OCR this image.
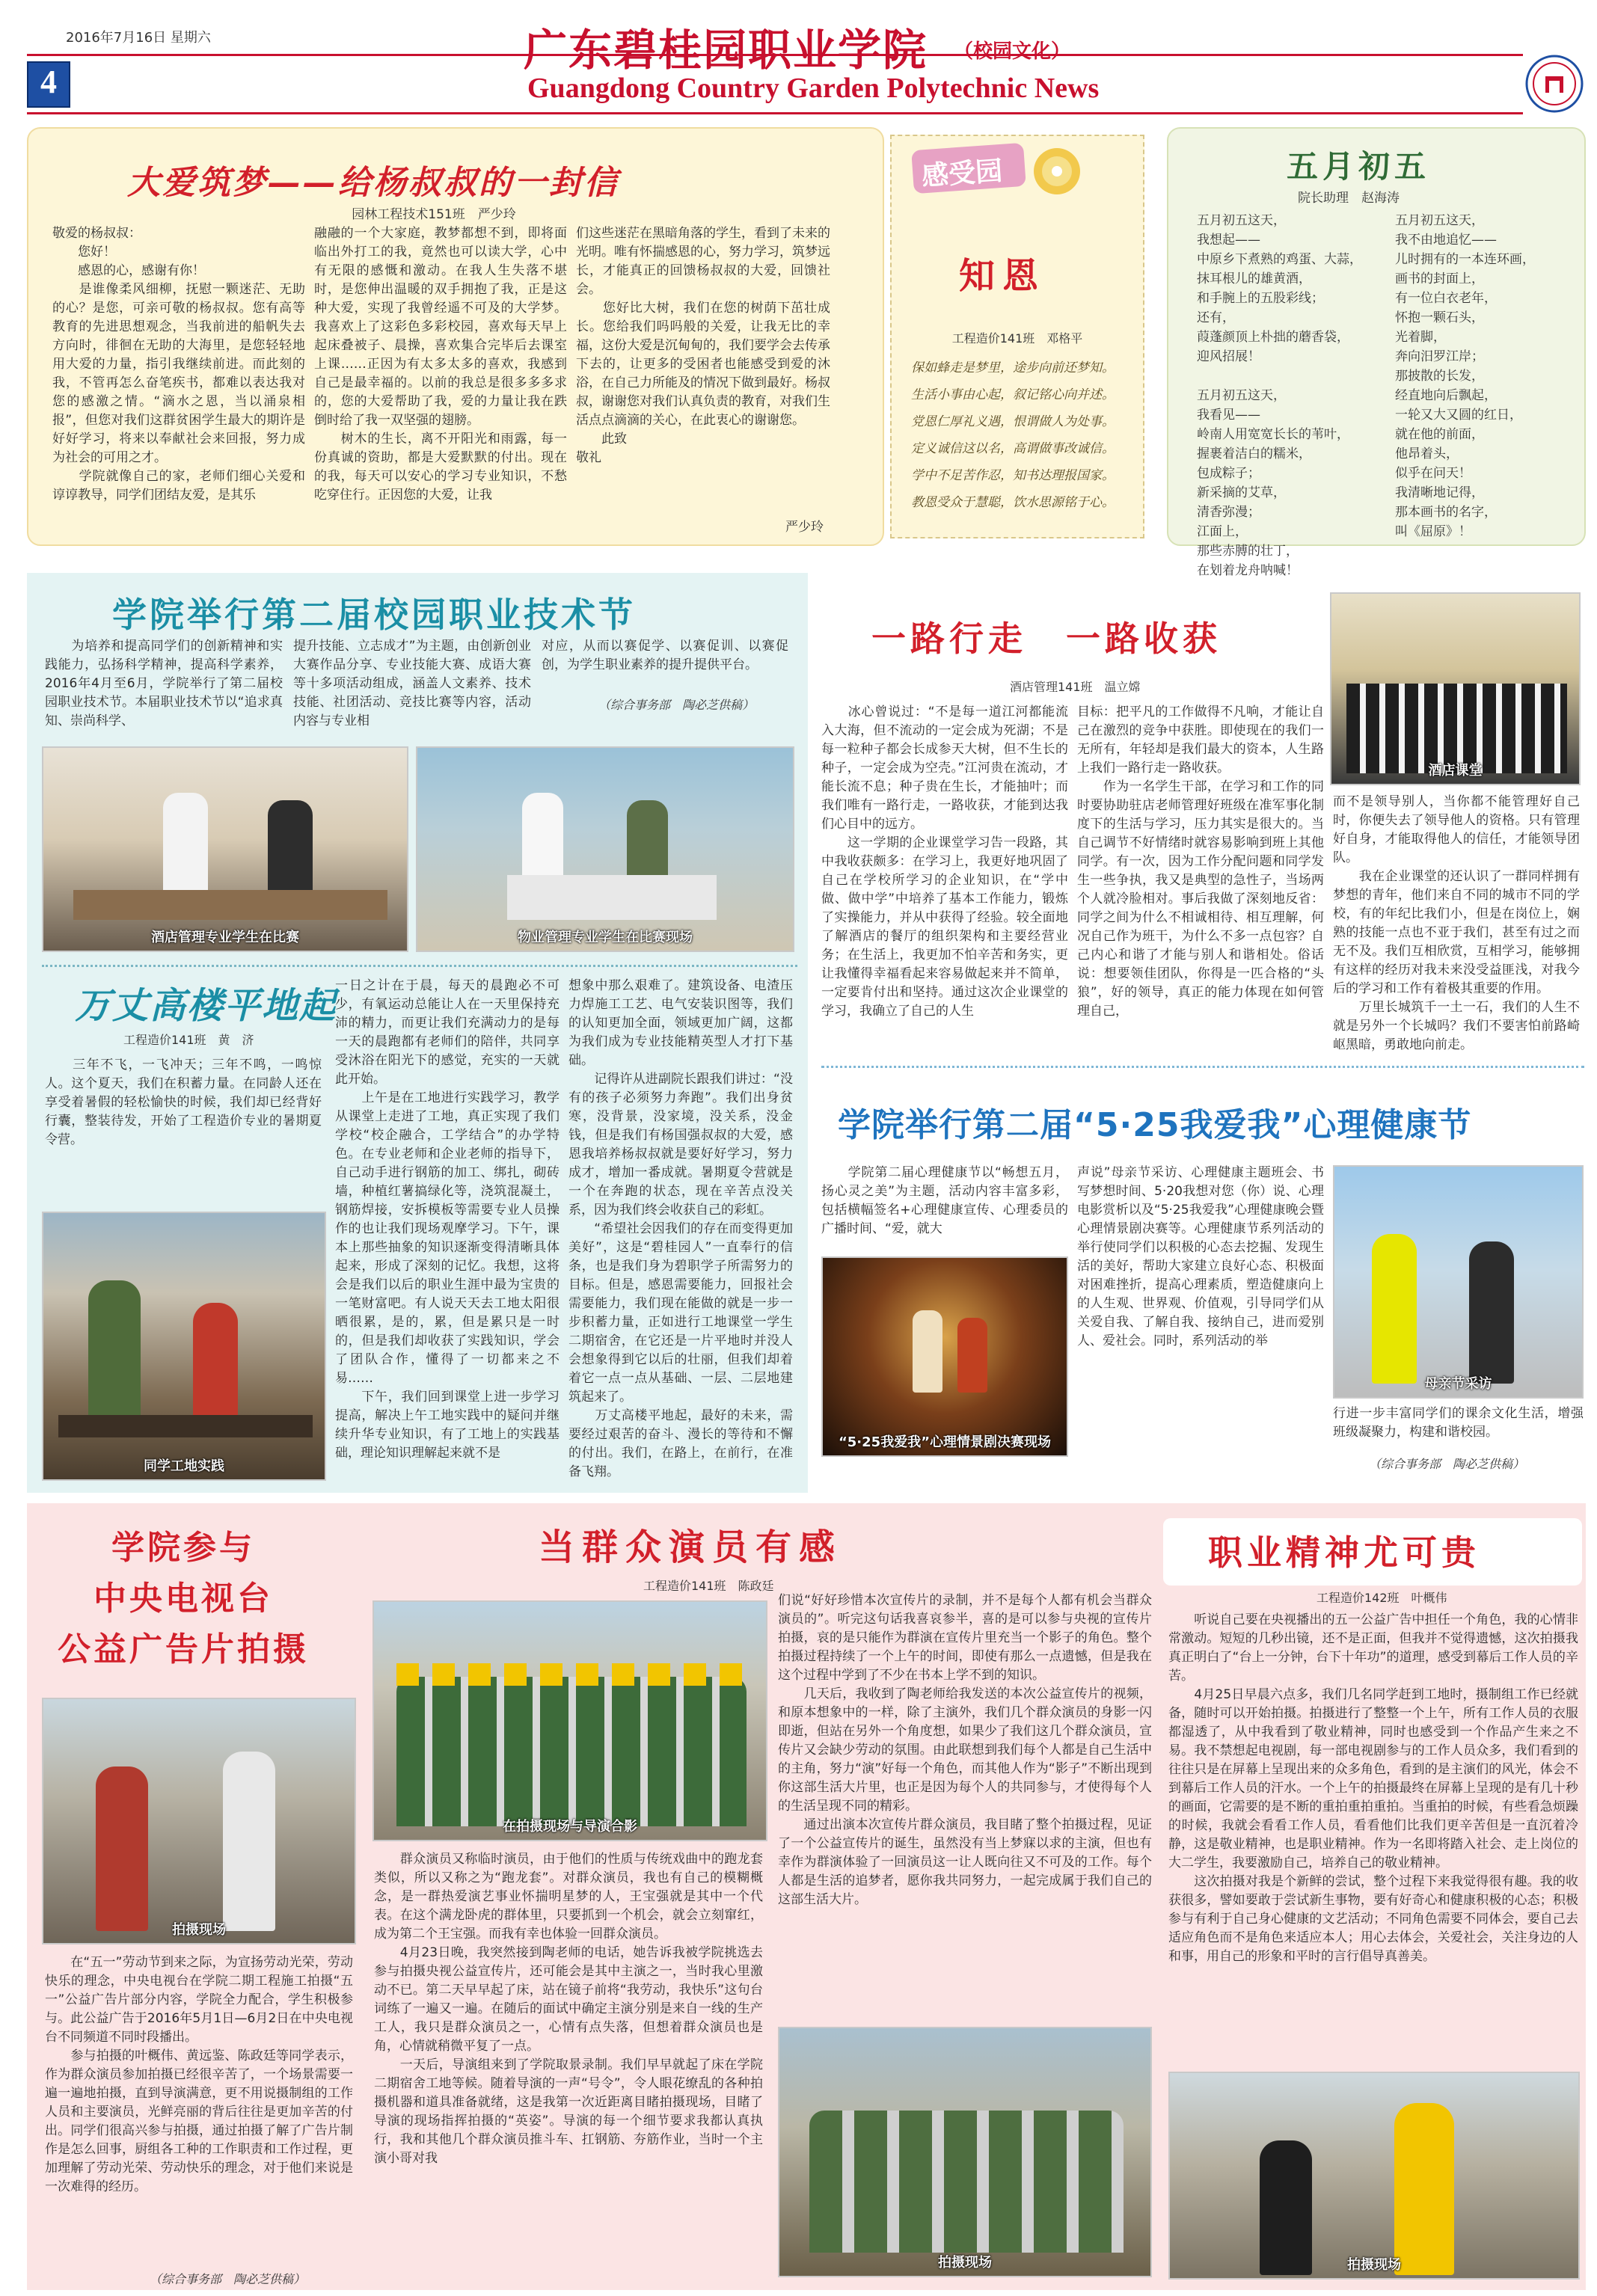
2016年7月16日 星期六
4
广东碧桂园职业学院 （校园文化）
Guangdong Country Garden Polytechnic News
大爱筑梦——给杨叔叔的一封信
园林工程技术151班　严少玲
敬爱的杨叔叔：
　　您好！
　　感恩的心，感谢有你！
　　是谁像柔风细柳，抚慰一颗迷茫、无助的心？是您，可亲可敬的杨叔叔。您有高等教育的先进思想观念，当我前进的船帆失去方向时，徘徊在无助的大海里，是您轻轻地用大爱的力量，指引我继续前进。而此刻的我，不管再怎么奋笔疾书，都难以表达我对您的感激之情。“滴水之恩，当以涌泉相报”，但您对我们这群贫困学生最大的期许是好好学习，将来以奉献社会来回报，努力成为社会的可用之才。
　　学院就像自己的家，老师们细心关爱和谆谆教导，同学们团结友爱，是其乐
融融的一个大家庭，教梦都想不到，即将面临出外打工的我，竟然也可以读大学，心中有无限的感慨和激动。在我人生失落不堪时，是您伸出温暖的双手拥抱了我，正是这种大爱，实现了我曾经遥不可及的大学梦。我喜欢上了这彩色多彩校园，喜欢每天早上起床叠被子、晨操，喜欢集合完毕后去课室上课……正因为有太多太多的喜欢，我感到自己是最幸福的。以前的我总是很多多多求的，您的大爱帮助了我，爱的力量让我在跌倒时给了我一双坚强的翅膀。
　　树木的生长，离不开阳光和雨露，每一份真诚的资助，都是大爱默默的付出。现在的我，每天可以安心的学习专业知识，不愁吃穿住行。正因您的大爱，让我
们这些迷茫在黑暗角落的学生，看到了未来的光明。唯有怀揣感恩的心，努力学习，筑梦远长，才能真正的回馈杨叔叔的大爱，回馈社会。
　　您好比大树，我们在您的树荫下茁壮成长。您给我们吗吗般的关爱，让我无比的幸福，这份大爱是沉甸甸的，我们要学会去传承下去的，让更多的受困者也能感受到爱的沐浴，在自己力所能及的情况下做到最好。杨叔叔，谢谢您对我们认真负责的教育，对我们生活点点滴滴的关心，在此衷心的谢谢您。
　　此致
敬礼
严少玲
感受园
知恩
工程造价141班　邓格平
保如蜂走是梦里，途步向前还梦知。
生活小事由心起，叙记铭心向并述。
党恩仁厚礼义遇，恨谓做人为处事。
定义诚信这以名，高谓做事改诚信。
学中不足苦作忍，知书达理报国家。
教恩受众于慧聪，饮水思源铭于心。
五月初五
院长助理　赵海涛
五月初五这天，
我想起——
中原乡下煮熟的鸡蛋、大蒜，
抹耳根儿的雄黄酒，
和手腕上的五股彩线；
还有，
葭蓬颜顶上朴拙的蘑香袋，
迎风招展！

五月初五这天，
我看见——
岭南人用宽宽长长的苇叶，
握裹着洁白的糯米，
包成粽子；
新采摘的艾草，
清香弥漫；
江面上，
那些赤膊的壮丁，
在划着龙舟呐喊！
五月初五这天，
我不由地追忆——
儿时拥有的一本连环画，
画书的封面上，
有一位白衣老年，
怀抱一颗石头，
光着脚，
奔向汨罗江岸；
那披散的长发，
经直地向后飘起，
一轮又大又圆的红日，
就在他的前面，
他昂着头，
似乎在问天！
我清晰地记得，
那本画书的名字，
叫《屈原》！
学院举行第二届校园职业技术节
　　为培养和提高同学们的创新精神和实践能力，弘扬科学精神，提高科学素养，2016年4月至6月，学院举行了第二届校园职业技术节。本届职业技术节以“追求真知、崇尚科学、
提升技能、立志成才”为主题，由创新创业大赛作品分享、专业技能大赛、成语大赛等十多项活动组成，涵盖人文素养、技术技能、社团活动、竞技比赛等内容，活动内容与专业相
对应，从而以赛促学、以赛促训、以赛促创，为学生职业素养的提升提供平台。
（综合事务部　陶必芝供稿）
酒店管理专业学生在比赛	物业管理专业学生在比赛现场
万丈高楼平地起
工程造价141班　黄　济
　　三年不飞，一飞冲天；三年不鸣，一鸣惊人。这个夏天，我们在积蓄力量。在同龄人还在享受着暑假的轻松愉快的时候，我们却已经背好行囊，整装待发，开始了工程造价专业的暑期夏令营。
同学工地实践
一日之计在于晨，每天的晨跑必不可少，有氧运动总能让人在一天里保持充沛的精力，而更让我们充满动力的是每一天的晨跑都有老师们的陪伴，共同享受沐浴在阳光下的感觉，充实的一天就此开始。
　　上午是在工地进行实践学习，教学从课堂上走进了工地，真正实现了我们学校“校企融合，工学结合”的办学特色。在专业老师和企业老师的指导下，自己动手进行钢筋的加工、绑扎，砌砖墙，种植红薯搞绿化等，浇筑混凝土，钢筋焊接，安拆模板等需要专业人员操作的也让我们现场观摩学习。下午，课本上那些抽象的知识逐渐变得清晰具体起来，形成了深刻的记忆。我想，这将会是我们以后的职业生涯中最为宝贵的一笔财富吧。有人说天天去工地太阳很晒很累，是的，累，但是累只是一时的，但是我们却收获了实践知识，学会了团队合作，懂得了一切都来之不易……
　　下午，我们回到课堂上进一步学习提高，解决上午工地实践中的疑问并继续升华专业知识，有了工地上的实践基础，理论知识理解起来就不是
想象中那么艰难了。建筑设备、电渣压力焊施工工艺、电气安装识图等，我们的认知更加全面，领域更加广阔，这都为我们成为专业技能精英型人才打下基础。
　　记得许从进副院长跟我们讲过：“没有的孩子必须努力奔跑”。我们出身贫寒，没背景，没家境，没关系，没金钱，但是我们有杨国强叔叔的大爱，感恩我培养杨叔叔就是要好好学习，努力成才，增加一番成就。暑期夏令营就是一个在奔跑的状态，现在辛苦点没关系，因为我们终会收获自己的彩虹。
　　“希望社会因我们的存在而变得更加美好”，这是“碧桂园人”一直奉行的信条，也是我们身为碧职学子所需努力的目标。但是，感恩需要能力，回报社会需要能力，我们现在能做的就是一步一步积蓄力量，正如进行工地课堂一学生二期宿舍，在它还是一片平地时并没人会想象得到它以后的壮丽，但我们却着着它一点一点从基础、一层、二层地建筑起来了。
　　万丈高楼平地起，最好的未来，需要经过艰苦的奋斗、漫长的等待和不懈的付出。我们，在路上，在前行，在准备飞翔。
一路行走　一路收获
酒店管理141班　温立嫦
　　冰心曾说过：“不是每一道江河都能流入大海，但不流动的一定会成为死湖；不是每一粒种子都会长成参天大树，但不生长的种子，一定会成为空壳。”江河贵在流动，才能长流不息；种子贵在生长，才能抽叶；而我们唯有一路行走，一路收获，才能到达我们心目中的远方。
　　这一学期的企业课堂学习告一段路，其中我收获颇多：在学习上，我更好地巩固了自己在学校所学习的企业知识，在“学中做、做中学”中培养了基本工作能力，锻炼了实操能力，并从中获得了经验。较全面地了解酒店的餐厅的组织架构和主要经营业务；在生活上，我更加不怕辛苦和务实，更让我懂得幸福看起来容易做起来并不简单，一定要肯付出和坚持。通过这次企业课堂的学习，我确立了自己的人生
目标：把平凡的工作做得不凡响，才能让自己在激烈的竞争中获胜。即使现在的我们一无所有，年轻却是我们最大的资本，人生路上我们一路行走一路收获。
　　作为一名学生干部，在学习和工作的同时要协助驻店老师管理好班级在准军事化制度下的生活与学习，压力其实是很大的。当自己调节不好情绪时就容易影响到班上其他同学。有一次，因为工作分配问题和同学发生一些争执，我又是典型的急性子，当场两个人就冷脸相对。事后我做了深刻地反省：同学之间为什么不相诚相待、相互理解，何况自己作为班干，为什么不多一点包容？自己内心和谐了才能与别人和谐相处。俗话说：想要领佳团队，你得是一匹合格的“头狼”，好的领导，真正的能力体现在如何管理自己，
酒店课堂
而不是领导别人，当你都不能管理好自己时，你便失去了领导他人的资格。只有管理好自身，才能取得他人的信任，才能领导团队。
　　我在企业课堂的还认识了一群同样拥有梦想的青年，他们来自不同的城市不同的学校，有的年纪比我们小，但是在岗位上，娴熟的技能一点也不亚于我们，甚至有过之而无不及。我们互相欣赏，互相学习，能够拥有这样的经历对我未来没受益匪浅，对我今后的学习和工作有着极其重要的作用。
　　万里长城筑千一土一石，我们的人生不就是另外一个长城吗？我们不要害怕前路崎岖黑暗，勇敢地向前走。
学院举行第二届“5·25我爱我”心理健康节
　　学院第二届心理健康节以“畅想五月，扬心灵之美”为主题，活动内容丰富多彩，包括横幅签名+心理健康宣传、心理委员的广播时间、“爱，就大
“5·25我爱我”心理情景剧决赛现场
声说”母亲节采访、心理健康主题班会、书写梦想时间、5·20我想对您（你）说、心理电影赏析以及“5·25我爱我”心理健康晚会暨心理情景剧决赛等。心理健康节系列活动的举行使同学们以积极的心态去挖掘、发现生活的美好，帮助大家建立良好心态、积极面对困难挫折，提高心理素质，塑造健康向上的人生观、世界观、价值观，引导同学们从关爱自我、了解自我、接纳自己，进而爱别人、爱社会。同时，系列活动的举
母亲节采访
行进一步丰富同学们的课余文化生活，增强班级凝聚力，构建和谐校园。
（综合事务部　陶必芝供稿）
学院参与
中央电视台
公益广告片拍摄
拍摄现场
　　在“五一”劳动节到来之际，为宣扬劳动光荣，劳动快乐的理念，中央电视台在学院二期工程施工拍摄“五一”公益广告片部分内容，学院全力配合，学生积极参与。此公益广告于2016年5月1日—6月2日在中央电视台不同频道不同时段播出。
　　参与拍摄的叶概伟、黄远鉴、陈政廷等同学表示，作为群众演员参加拍摄已经很辛苦了，一个场景需要一遍一遍地拍摄，直到导演满意，更不用说摄制组的工作人员和主要演员，光鲜亮丽的背后往往是更加辛苦的付出。同学们很高兴参与拍摄，通过拍摄了解了广告片制作是怎么回事，厨组各工种的工作职责和工作过程，更加理解了劳动光荣、劳动快乐的理念，对于他们来说是一次难得的经历。
（综合事务部　陶必芝供稿）
当群众演员有感
工程造价141班　陈政廷
在拍摄现场与导演合影
　　群众演员又称临时演员，由于他们的性质与传统戏曲中的跑龙套类似，所以又称之为“跑龙套”。对群众演员，我也有自己的模糊概念，是一群热爱演艺事业怀揣明星梦的人，王宝强就是其中一个代表。在这个满龙卧虎的群体里，只要抓到一个机会，就会立刻窜红，成为第二个王宝强。而我有幸也体验一回群众演员。
　　4月23日晚，我突然接到陶老师的电话，她告诉我被学院挑选去参与拍摄央视公益宣传片，还可能会是其中主演之一，当时我心里激动不已。第二天早早起了床，站在镜子前将“我劳动，我快乐”这句台词练了一遍又一遍。在随后的面试中确定主演分别是来自一线的生产工人，我只是群众演员之一，心情有点失落，但想着群众演员也是角，心情就稍微平复了一点。
　　一天后，导演组来到了学院取景录制。我们早早就起了床在学院二期宿舍工地等候。随着导演的一声“号令”，令人眼花缭乱的各种拍摄机器和道具准备就绪，这是我第一次近距离目睹拍摄现场，目睹了导演的现场指挥拍摄的“英姿”。导演的每一个细节要求我都认真执行，我和其他几个群众演员推斗车、扛钢筋、夯筋作业，当时一个主演小哥对我
们说“好好珍惜本次宣传片的录制，并不是每个人都有机会当群众演员的”。听完这句话我喜哀参半，喜的是可以参与央视的宣传片拍摄，哀的是只能作为群演在宣传片里充当一个影子的角色。整个拍摄过程持续了一个上午的时间，即使有那么一点遗憾，但是我在这个过程中学到了不少在书本上学不到的知识。
　　几天后，我收到了陶老师给我发送的本次公益宣传片的视频，和原本想象中的一样，除了主演外，我们几个群众演员的身影一闪即逝，但站在另外一个角度想，如果少了我们这几个群众演员，宣传片又会缺少劳动的氛围。由此联想到我们每个人都是自己生活中的主角，努力“演”好每一个角色，而其他人作为“影子”不断出现到你这部生活大片里，也正是因为每个人的共同参与，才使得每个人的生活呈现不同的精彩。
　　通过出演本次宣传片群众演员，我目睹了整个拍摄过程，见证了一个公益宣传片的诞生，虽然没有当上梦寐以求的主演，但也有幸作为群演体验了一回演员这一让人既向往又不可及的工作。每个人都是生活的追梦者，愿你我共同努力，一起完成属于我们自己的这部生活大片。
拍摄现场
职业精神尤可贵
工程造价142班　叶概伟
　　听说自己要在央视播出的五一公益广告中担任一个角色，我的心情非常激动。短短的几秒出镜，还不是正面，但我并不觉得遗憾，这次拍摄我真正明白了“台上一分钟，台下十年功”的道理，感受到幕后工作人员的辛苦。
　　4月25日早晨六点多，我们几名同学赶到工地时，摄制组工作已经就备，随时可以开始拍摄。拍摄进行了整整一个上午，所有工作人员的衣服都湿透了，从中我看到了敬业精神，同时也感受到一个作品产生来之不易。我不禁想起电视剧，每一部电视剧参与的工作人员众多，我们看到的往往只是在屏幕上呈现出来的众多角色，看到的是主演们的风光，体会不到幕后工作人员的汗水。一个上午的拍摄最终在屏幕上呈现的是有几十秒的画面，它需要的是不断的重拍重拍重拍。当重拍的时候，有些看急烦躁的时候，我就会看看工作人员，看看他们比我们更辛苦但是一直沉着冷静，这是敬业精神，也是职业精神。作为一名即将踏入社会、走上岗位的大二学生，我要激励自己，培养自己的敬业精神。
　　这次拍摄对我是个新鲜的尝试，整个过程下来我觉得很有趣。我的收获很多，譬如要敢于尝试新生事物，要有好奇心和健康积极的心态；积极参与有利于自己身心健康的文艺活动；不同角色需要不同体会，要自己去适应角色而不是角色来适应本人；用心去体会，关爱社会，关注身边的人和事，用自己的形象和平时的言行倡导真善美。
拍摄现场
